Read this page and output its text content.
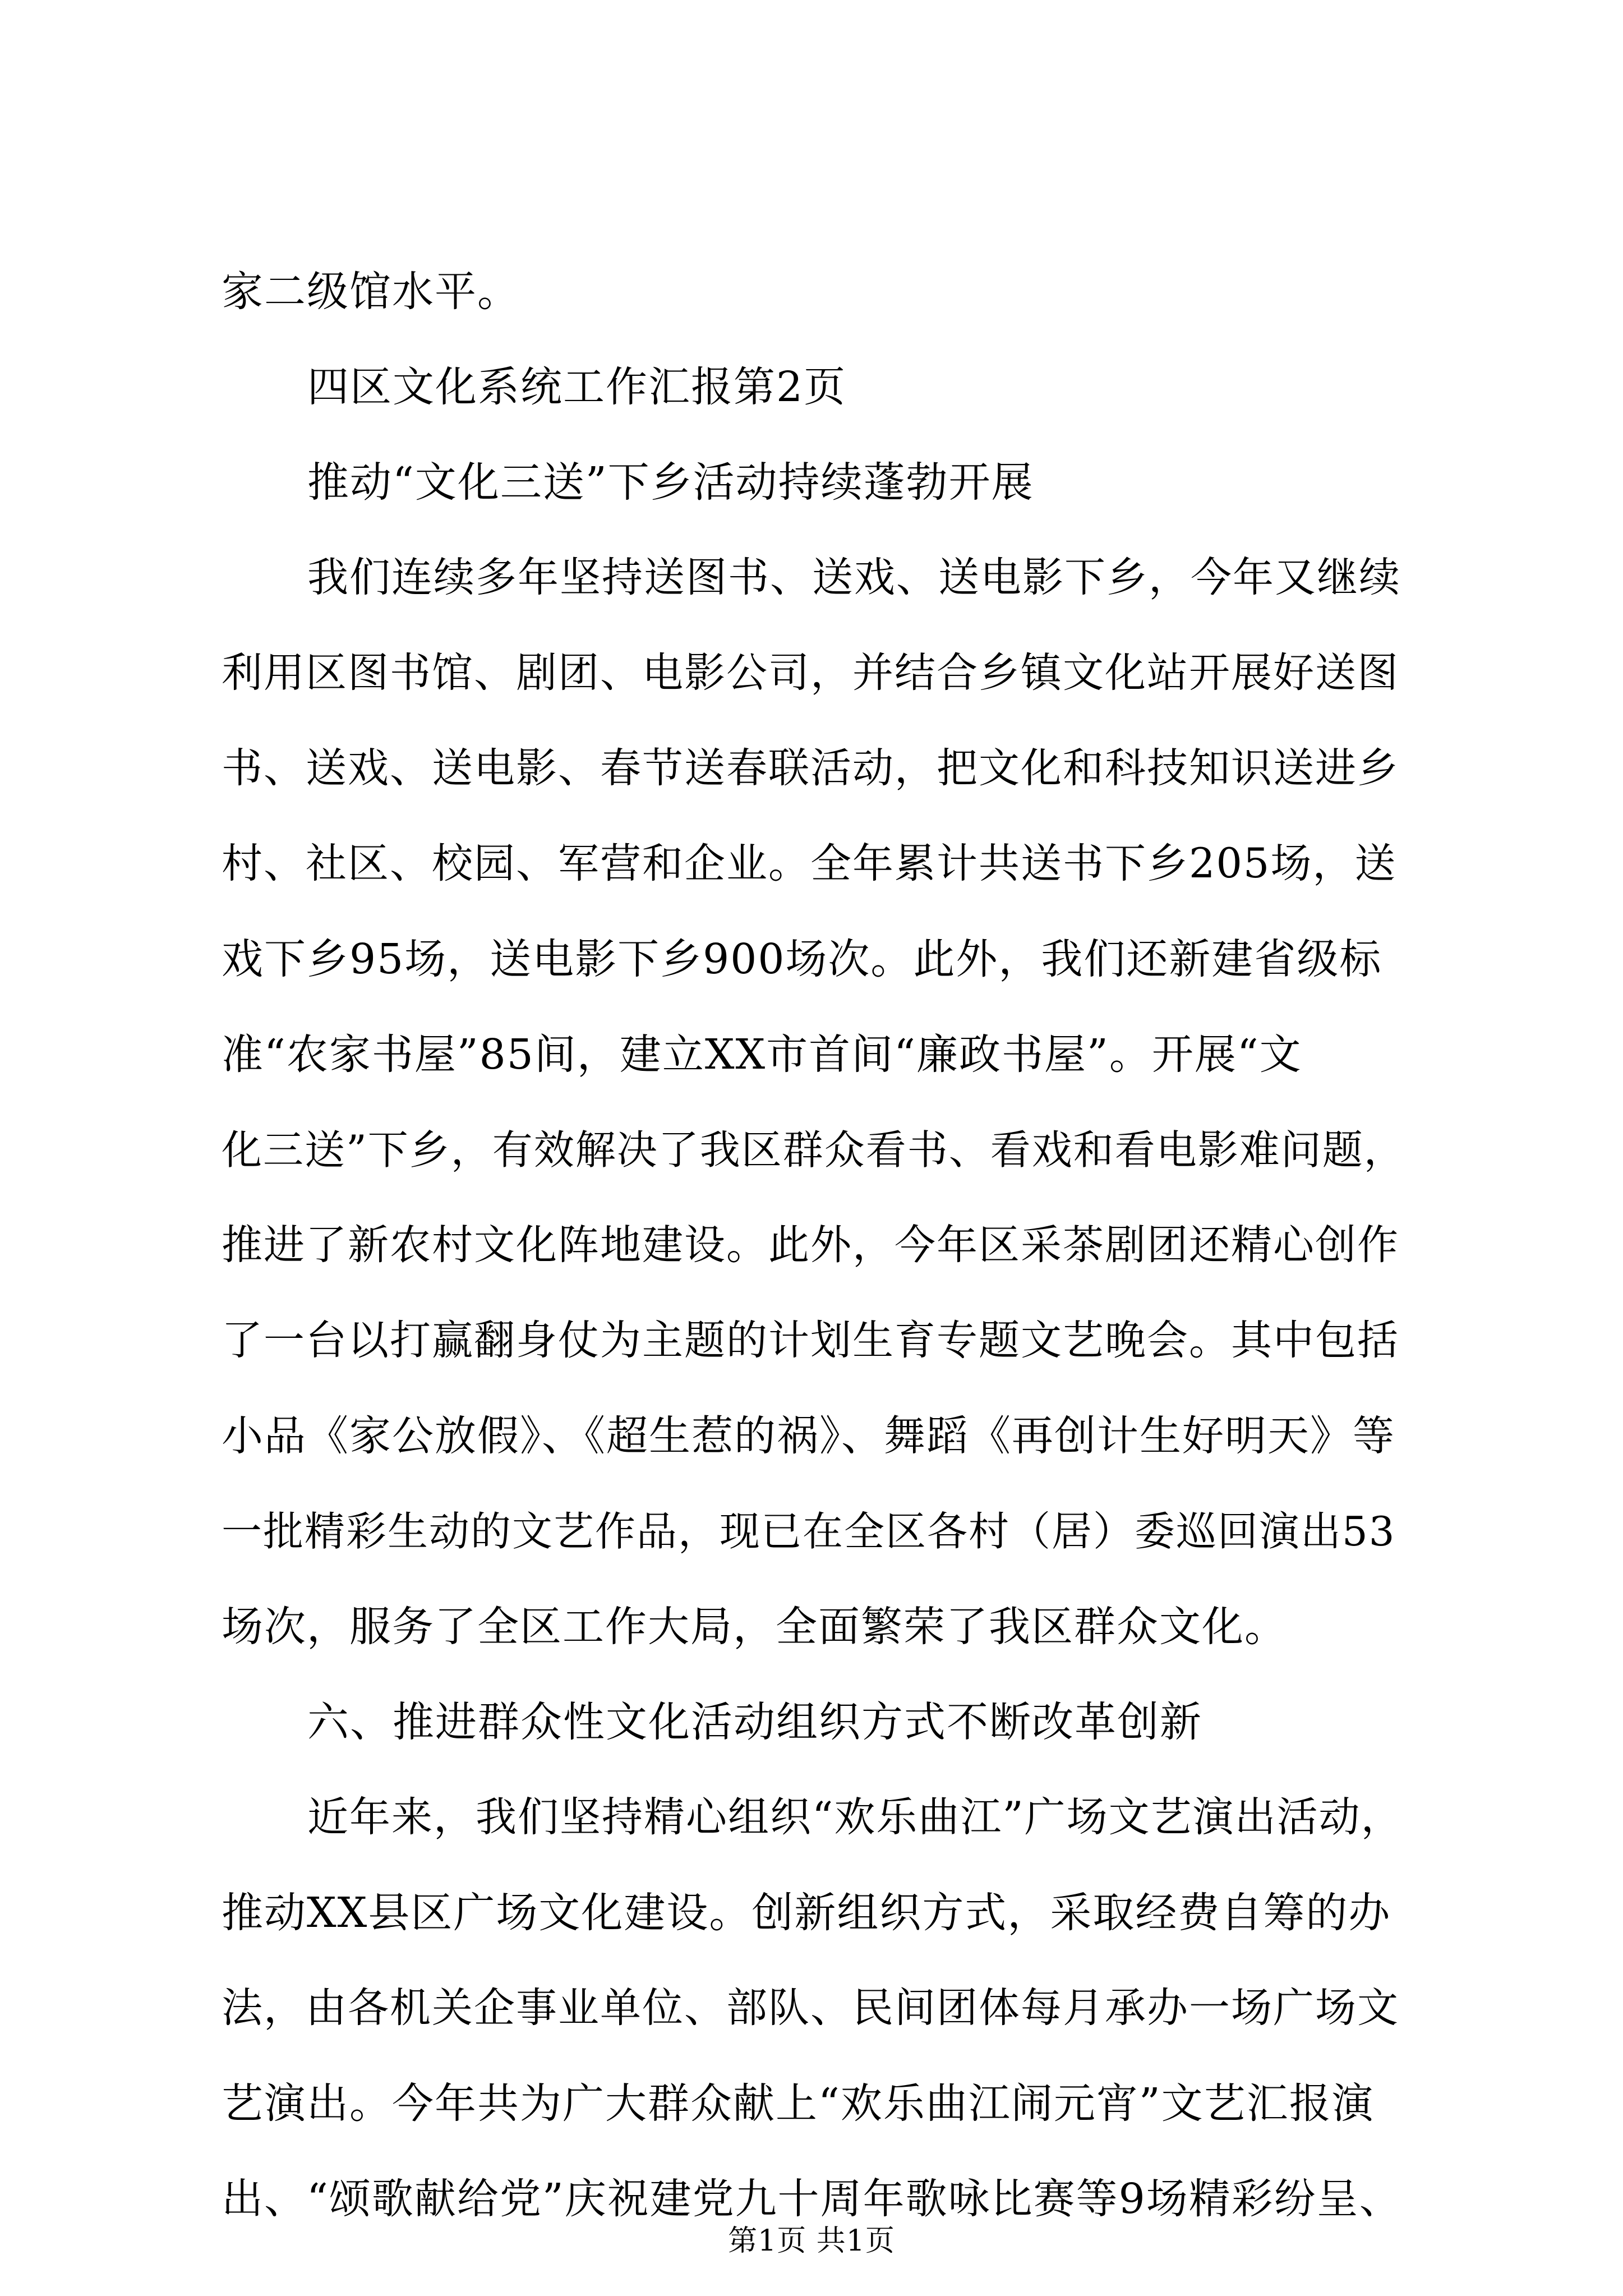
家二级馆水平。
四区文化系统工作汇报第2页
推动“文化三送”下乡活动持续蓬勃开展
我们连续多年坚持送图书、送戏、送电影下乡，今年又继续
利用区图书馆、剧团、电影公司，并结合乡镇文化站开展好送图
书、送戏、送电影、春节送春联活动，把文化和科技知识送进乡
村、社区、校园、军营和企业。全年累计共送书下乡205场，送
戏下乡95场，送电影下乡900场次。此外，我们还新建省级标
准“农家书屋”85间，建立XX市首间“廉政书屋”。开展“文
化三送”下乡，有效解决了我区群众看书、看戏和看电影难问题，
推进了新农村文化阵地建设。此外，今年区采茶剧团还精心创作
了一台以打赢翻身仗为主题的计划生育专题文艺晚会。其中包括
小品《家公放假》、《超生惹的祸》、舞蹈《再创计生好明天》等
一批精彩生动的文艺作品，现已在全区各村（居）委巡回演出53
场次，服务了全区工作大局，全面繁荣了我区群众文化。
六、推进群众性文化活动组织方式不断改革创新
近年来，我们坚持精心组织“欢乐曲江”广场文艺演出活动，
推动XX县区广场文化建设。创新组织方式，采取经费自筹的办
法，由各机关企事业单位、部队、民间团体每月承办一场广场文
艺演出。今年共为广大群众献上“欢乐曲江闹元宵”文艺汇报演
出、“颂歌献给党”庆祝建党九十周年歌咏比赛等9场精彩纷呈、
第1页 共1页
